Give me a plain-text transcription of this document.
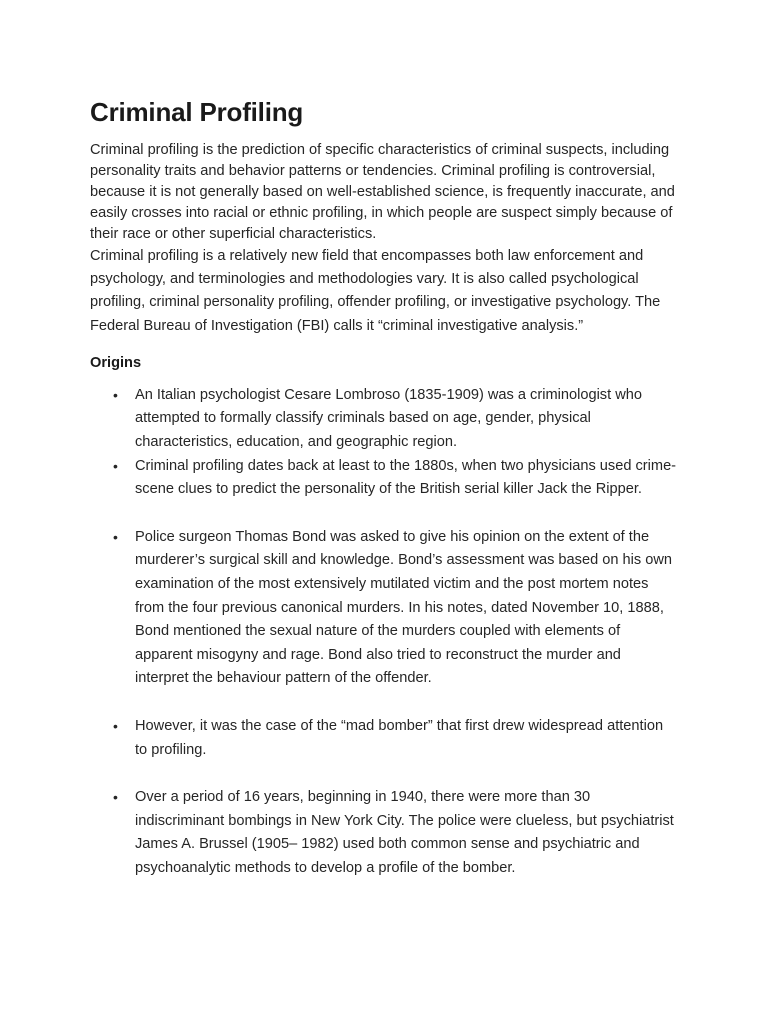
Criminal Profiling

Criminal profiling is the prediction of specific characteristics of criminal suspects, including personality traits and behavior patterns or tendencies. Criminal profiling is controversial, because it is not generally based on well-established science, is frequently inaccurate, and easily crosses into racial or ethnic profiling, in which people are suspect simply because of their race or other superficial characteristics.

Criminal profiling is a relatively new field that encompasses both law enforcement and psychology, and terminologies and methodologies vary. It is also called psychological profiling, criminal personality profiling, offender profiling, or investigative psychology. The Federal Bureau of Investigation (FBI) calls it “criminal investigative analysis.”

Origins
•	An Italian psychologist Cesare Lombroso (1835-1909) was a criminologist who attempted to formally classify criminals based on age, gender, physical characteristics, education, and geographic region.
•	Criminal profiling dates back at least to the 1880s, when two physicians used crime-scene clues to predict the personality of the British serial killer Jack the Ripper.
•	Police surgeon Thomas Bond was asked to give his opinion on the extent of the murderer’s surgical skill and knowledge. Bond’s assessment was based on his own examination of the most extensively mutilated victim and the post mortem notes from the four previous canonical murders. In his notes, dated November 10, 1888, Bond mentioned the sexual nature of the murders coupled with elements of apparent misogyny and rage. Bond also tried to reconstruct the murder and interpret the behaviour pattern of the offender.
•	However, it was the case of the “mad bomber” that first drew widespread attention to profiling.
•	Over a period of 16 years, beginning in 1940, there were more than 30 indiscriminant bombings in New York City. The police were clueless, but psychiatrist James A. Brussel (1905– 1982) used both common sense and psychiatric and psychoanalytic methods to develop a profile of the bomber.
